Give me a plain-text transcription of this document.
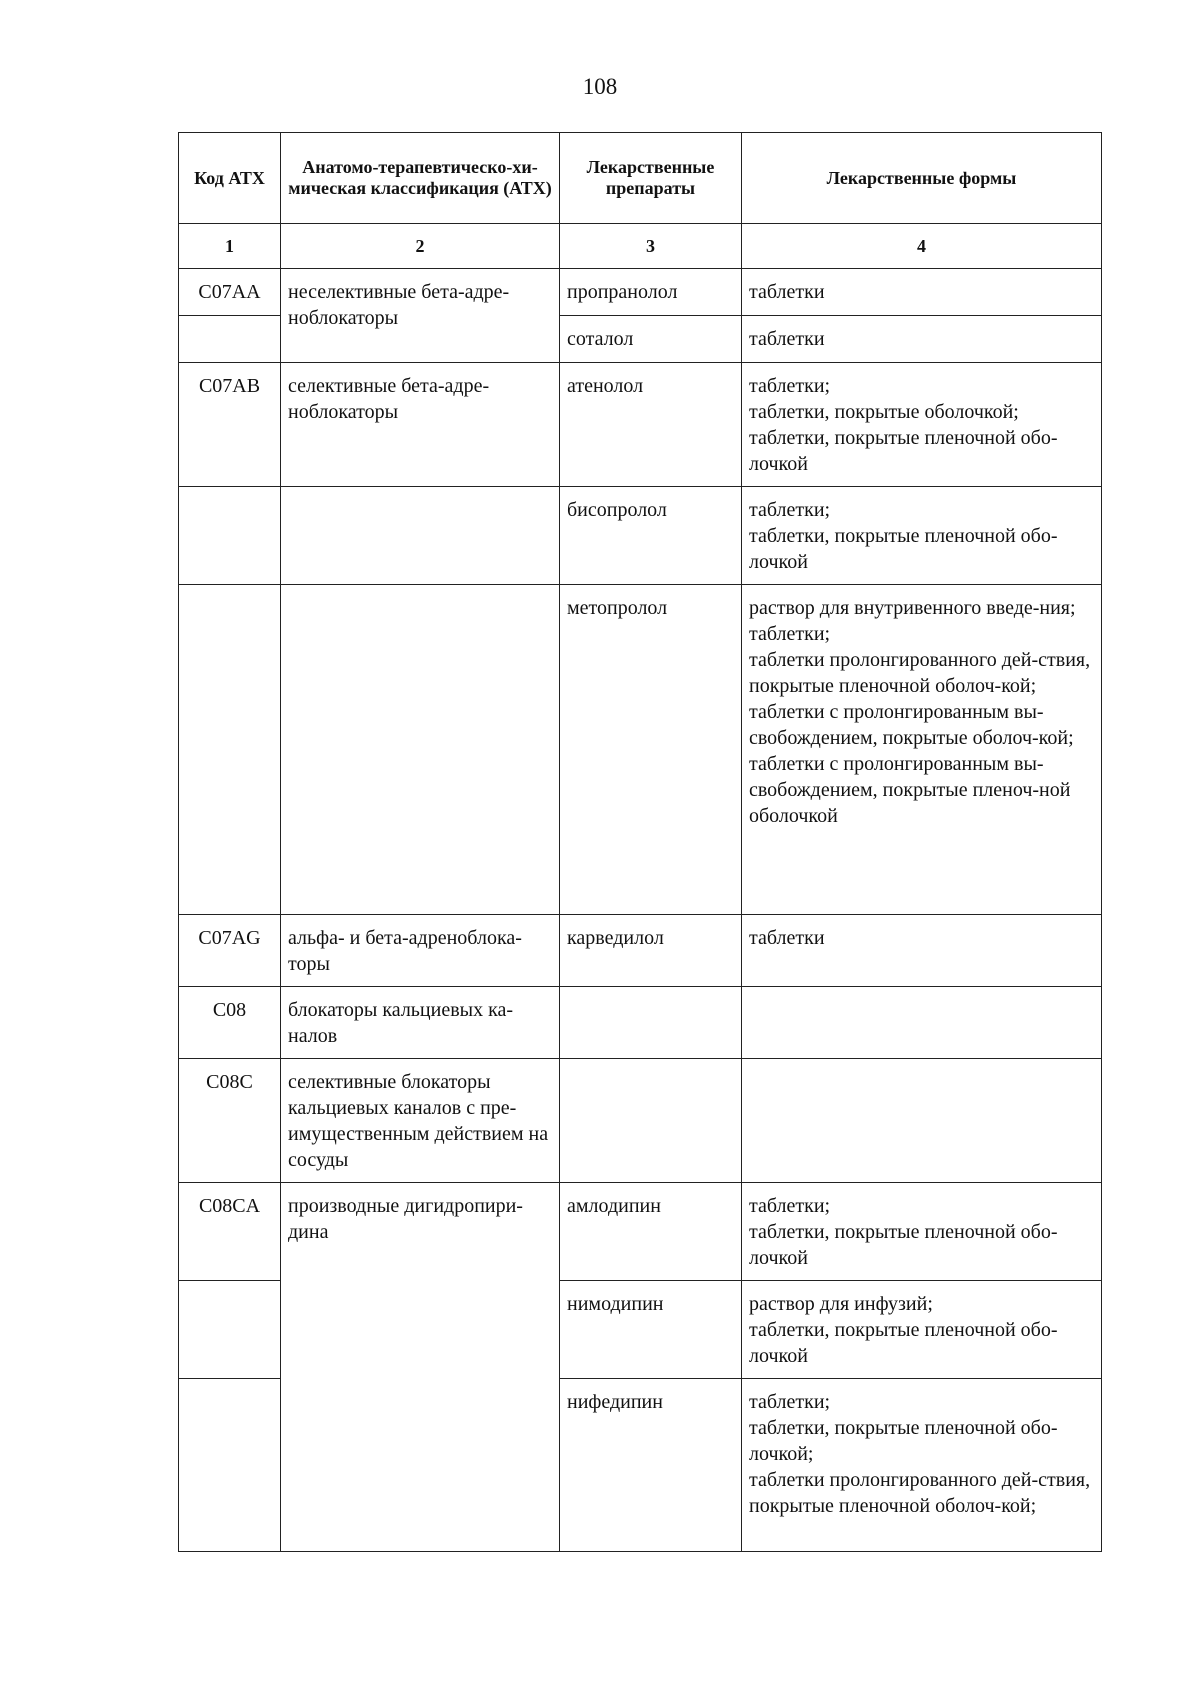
108
Код АТХ	Анатомо-терапевтическо-хи-мическая классификация (АТХ)	Лекарственные препараты	Лекарственные формы
1	2	3	4
C07AA	неселективные бета-адре-ноблокаторы	пропранолол	таблетки

		соталол	таблетки

C07AB	селективные бета-адре-ноблокаторы	атенолол	таблетки;
таблетки, покрытые оболочкой;
таблетки, покрытые пленочной обо-лочкой

		бисопролол	таблетки;
таблетки, покрытые пленочной обо-лочкой

		метопролол	раствор для внутривенного введе-ния;
таблетки;
таблетки пролонгированного дей-ствия, покрытые пленочной оболоч-кой;
таблетки с пролонгированным вы-свобождением, покрытые оболоч-кой;
таблетки с пролонгированным вы-свобождением, покрытые пленоч-ной оболочкой

C07AG	альфа- и бета-адреноблока-торы	карведилол	таблетки

C08	блокаторы кальциевых ка-налов		
C08C	селективные блокаторы кальциевых каналов с пре-имущественным действием на сосуды		
C08CA	производные дигидропири-дина	амлодипин	таблетки;
таблетки, покрытые пленочной обо-лочкой

		нимодипин	раствор для инфузий;
таблетки, покрытые пленочной обо-лочкой

		нифедипин	таблетки;
таблетки, покрытые пленочной обо-лочкой;
таблетки пролонгированного дей-ствия, покрытые пленочной оболоч-кой;
